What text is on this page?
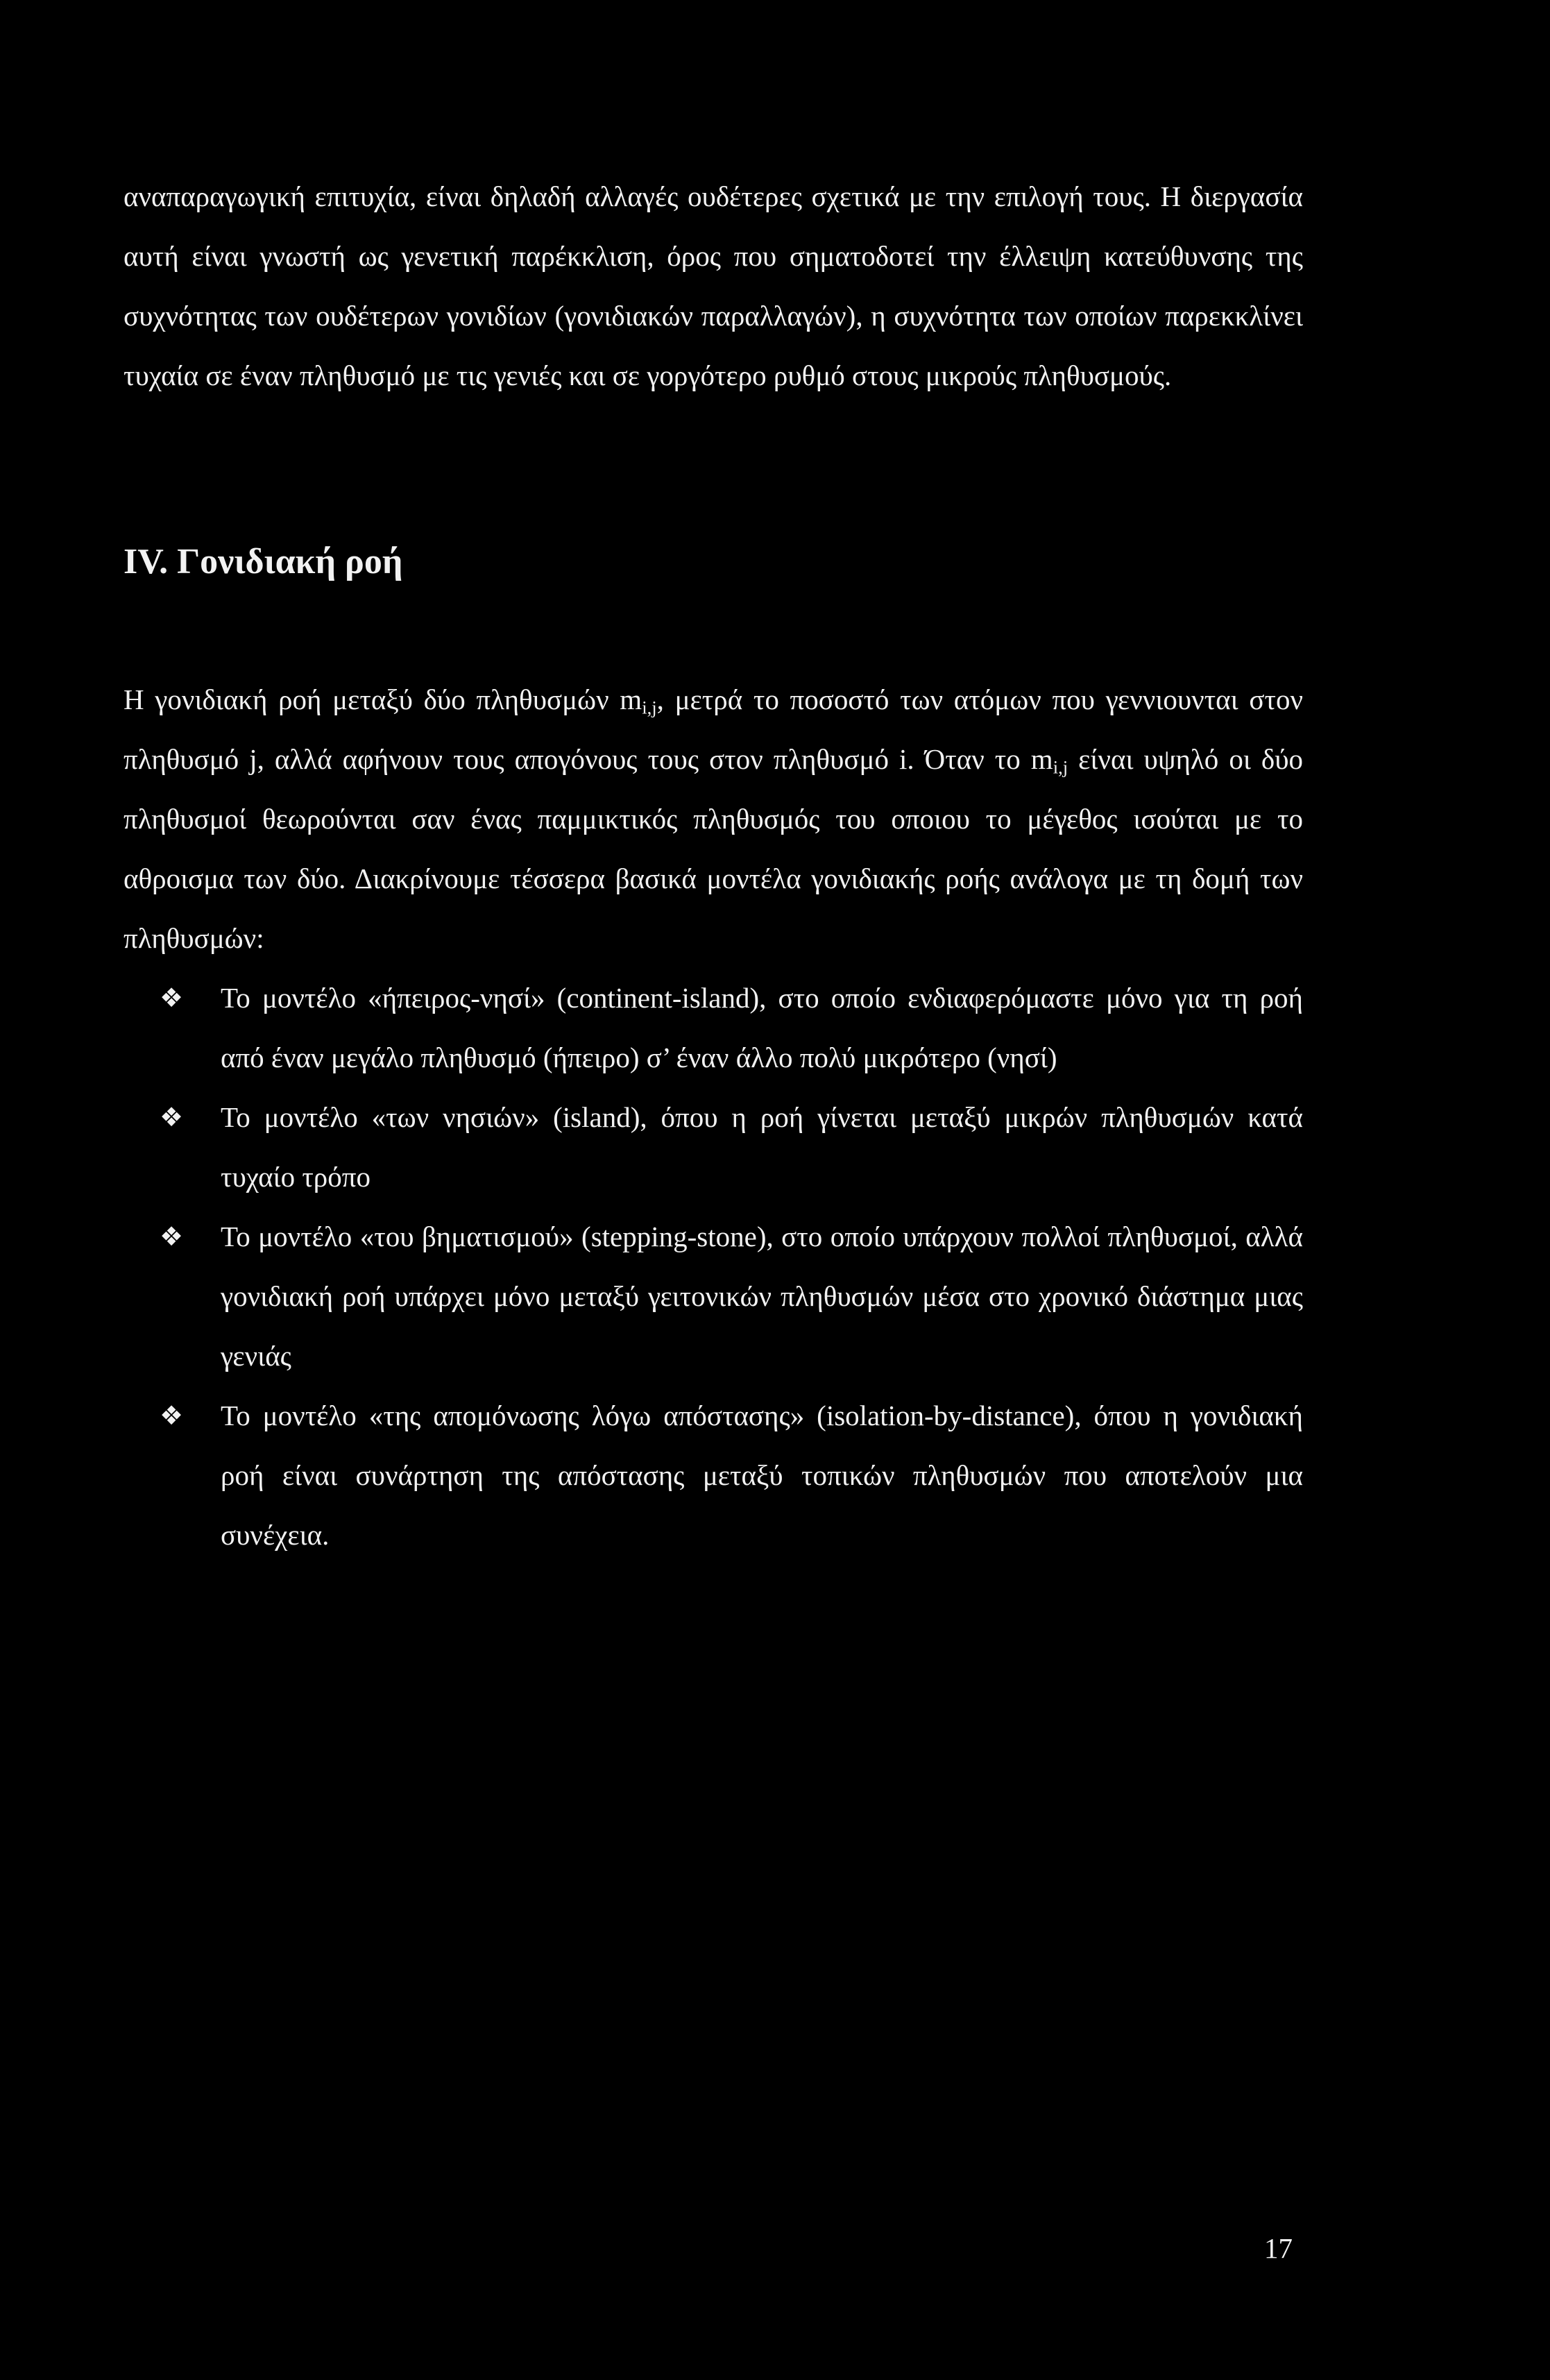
αναπαραγωγική επιτυχία, είναι δηλαδή αλλαγές ουδέτερες σχετικά με την επιλογή τους. Η διεργασία αυτή είναι γνωστή ως γενετική παρέκκλιση, όρος που σηματοδοτεί την έλλειψη κατεύθυνσης της συχνότητας των ουδέτερων γονιδίων (γονιδιακών παραλλαγών), η συχνότητα των οποίων παρεκκλίνει τυχαία σε έναν πληθυσμό με τις γενιές και σε γοργότερο ρυθμό στους μικρούς πληθυσμούς.
IV. Γονιδιακή ροή
Η γονιδιακή ροή μεταξύ δύο πληθυσμών $m_{i,j}$, μετρά το ποσοστό των ατόμων που γεννιουνται στον πληθυσμό j, αλλά αφήνουν τους απογόνους τους στον πληθυσμό i. Όταν το $m_{i,j}$ είναι υψηλό οι δύο πληθυσμοί θεωρούνται σαν ένας παμμικτικός πληθυσμός του οποιου το μέγεθος ισούται με το αθροισμα των δύο. Διακρίνουμε τέσσερα βασικά μοντέλα γονιδιακής ροής ανάλογα με τη δομή των πληθυσμών:
❖ Το μοντέλο «ήπειρος-νησί» (continent-island), στο οποίο ενδιαφερόμαστε μόνο για τη ροή από έναν μεγάλο πληθυσμό (ήπειρο) σ’ έναν άλλο πολύ μικρότερο (νησί)
❖ Το μοντέλο «των νησιών» (island), όπου η ροή γίνεται μεταξύ μικρών πληθυσμών κατά τυχαίο τρόπο
❖ Το μοντέλο «του βηματισμού» (stepping-stone), στο οποίο υπάρχουν πολλοί πληθυσμοί, αλλά γονιδιακή ροή υπάρχει μόνο μεταξύ γειτονικών πληθυσμών μέσα στο χρονικό διάστημα μιας γενιάς
❖ Το μοντέλο «της απομόνωσης λόγω απόστασης» (isolation-by-distance), όπου η γονιδιακή ροή είναι συνάρτηση της απόστασης μεταξύ τοπικών πληθυσμών που αποτελούν μια συνέχεια.
17
